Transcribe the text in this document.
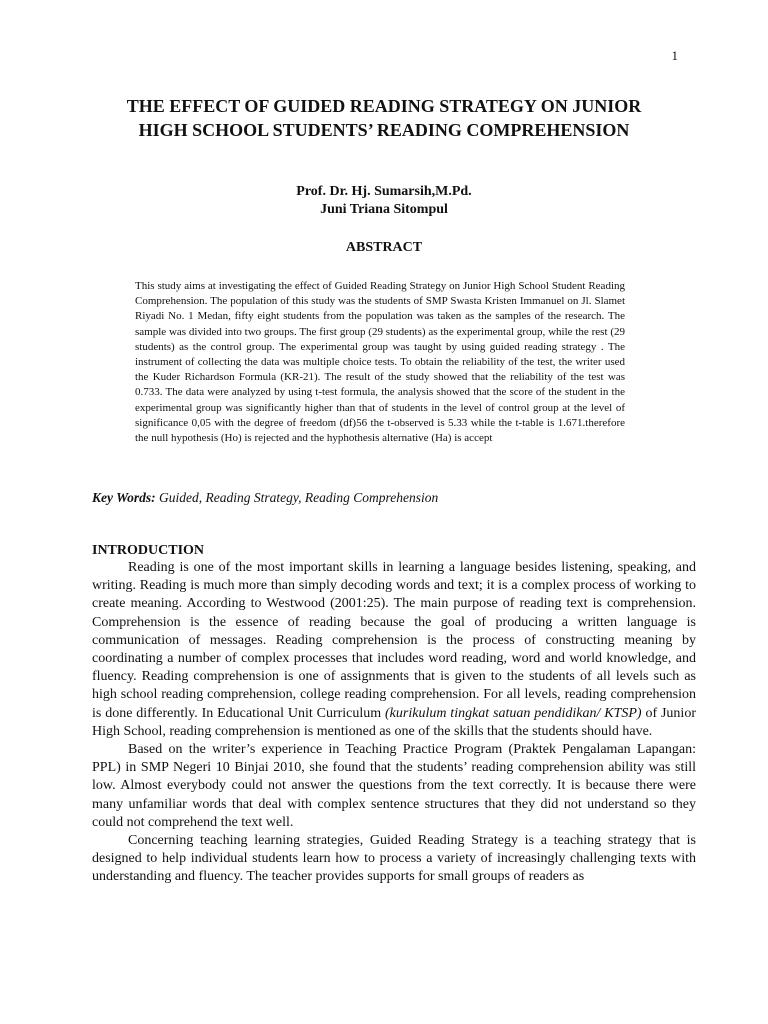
1
THE EFFECT OF GUIDED READING STRATEGY ON JUNIOR HIGH SCHOOL STUDENTS’ READING COMPREHENSION
Prof. Dr. Hj. Sumarsih,M.Pd.
Juni Triana Sitompul
ABSTRACT

This study aims at investigating the effect of Guided Reading Strategy on Junior High School Student Reading Comprehension. The population of this study was the students of SMP Swasta Kristen Immanuel on Jl. Slamet Riyadi No. 1 Medan, fifty eight students from the population was taken as the samples of the research. The sample was divided into two groups. The first group (29 students) as the experimental group, while the rest (29 students) as the control group. The experimental group was taught by using guided reading strategy . The instrument of collecting the data was multiple choice tests. To obtain the reliability of the test, the writer used the Kuder Richardson Formula (KR-21). The result of the study showed that the reliability of the test was 0.733. The data were analyzed by using t-test formula, the analysis showed that the score of the student in the experimental group was significantly higher than that of students in the level of control group at the level of significance 0,05 with the degree of freedom (df)56 the t-observed is 5.33 while the t-table is 1.671.therefore the null hypothesis (Ho) is rejected and the hyphothesis alternative (Ha) is accept

Key Words: Guided, Reading Strategy, Reading Comprehension

INTRODUCTION

Reading is one of the most important skills in learning a language besides listening, speaking, and writing. Reading is much more than simply decoding words and text; it is a complex process of working to create meaning. According to Westwood (2001:25). The main purpose of reading text is comprehension. Comprehension is the essence of reading because the goal of producing a written language is communication of messages. Reading comprehension is the process of constructing meaning by coordinating a number of complex processes that includes word reading, word and world knowledge, and fluency. Reading comprehension is one of assignments that is given to the students of all levels such as high school reading comprehension, college reading comprehension. For all levels, reading comprehension is done differently. In Educational Unit Curriculum (kurikulum tingkat satuan pendidikan/ KTSP) of Junior High School, reading comprehension is mentioned as one of the skills that the students should have.

Based on the writer’s experience in Teaching Practice Program (Praktek Pengalaman Lapangan: PPL) in SMP Negeri 10 Binjai 2010, she found that the students’ reading comprehension ability was still low. Almost everybody could not answer the questions from the text correctly. It is because there were many unfamiliar words that deal with complex sentence structures that they did not understand so they could not comprehend the text well.

Concerning teaching learning strategies, Guided Reading Strategy is a teaching strategy that is designed to help individual students learn how to process a variety of increasingly challenging texts with understanding and fluency. The teacher provides supports for small groups of readers as
